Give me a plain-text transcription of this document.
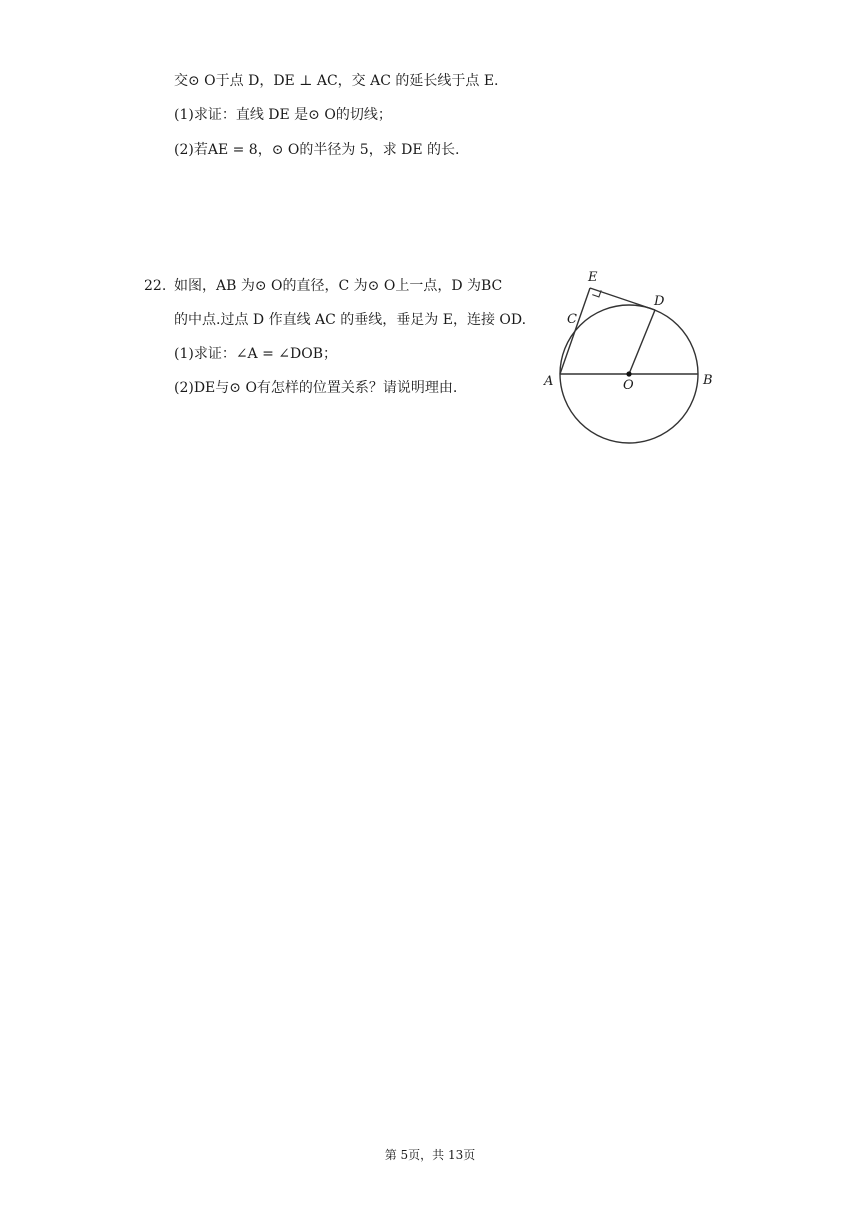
交⊙ O于点 D，DE ⊥ AC，交 AC 的延长线于点 E.
(1)求证：直线 DE 是⊙ O的切线；
(2)若AE = 8，⊙ O的半径为 5，求 DE 的长.
22. 如图，AB 为⊙ O的直径，C 为⊙ O上一点，D 为BC
的中点.过点 D 作直线 AC 的垂线，垂足为 E，连接 OD.
(1)求证：∠A = ∠DOB；
(2)DE与⊙ O有怎样的位置关系？请说明理由.
E
D
C
A	O	B
第 5页，共 13页
